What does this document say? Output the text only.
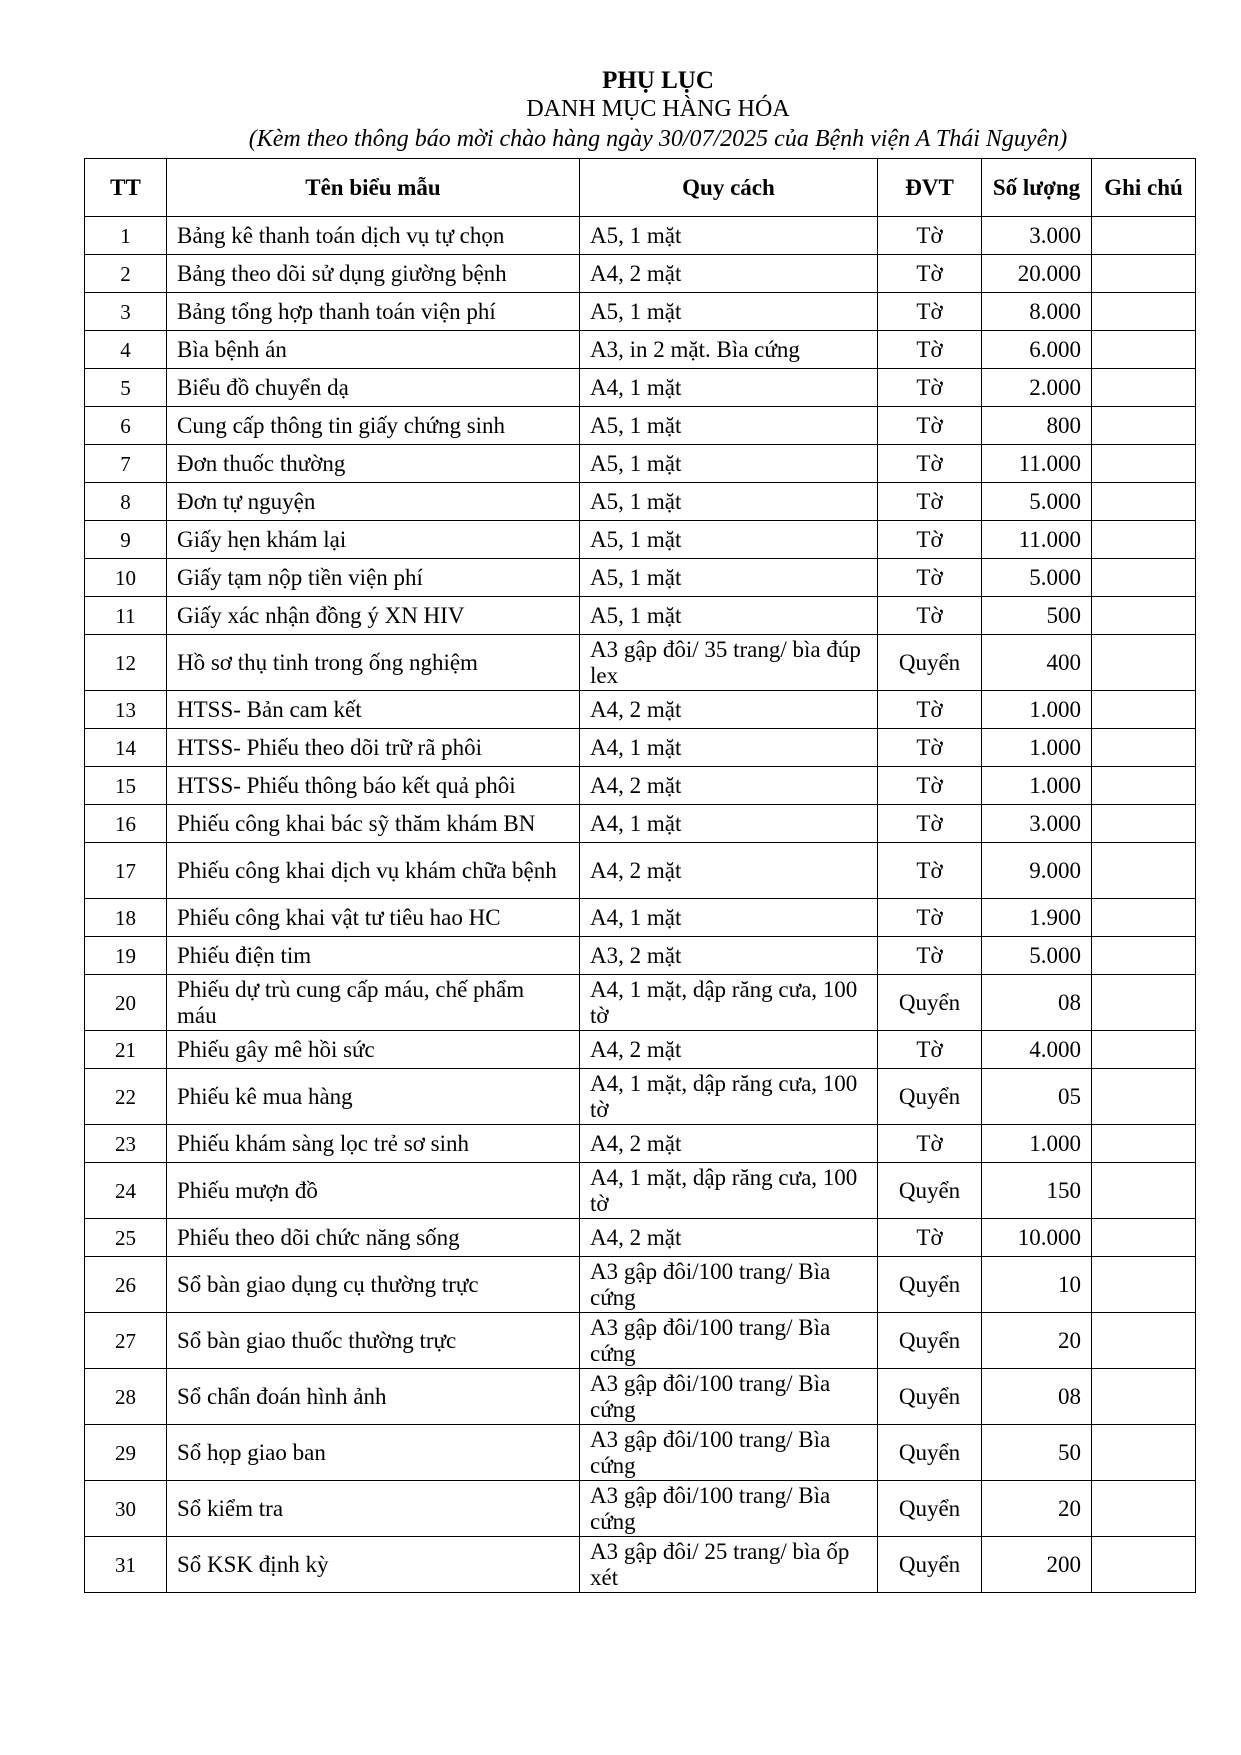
PHỤ LỤC
DANH MỤC HÀNG HÓA
(Kèm theo thông báo mời chào hàng ngày 30/07/2025 của Bệnh viện A Thái Nguyên)
TT	Tên biểu mẫu	Quy cách	ĐVT	Số lượng	Ghi chú
1	Bảng kê thanh toán dịch vụ tự chọn	A5, 1 mặt	Tờ	3.000	
2	Bảng theo dõi sử dụng giường bệnh	A4, 2 mặt	Tờ	20.000	
3	Bảng tổng hợp thanh toán viện phí	A5, 1 mặt	Tờ	8.000	
4	Bìa bệnh án	A3, in 2 mặt. Bìa cứng	Tờ	6.000	
5	Biểu đồ chuyển dạ	A4, 1 mặt	Tờ	2.000	
6	Cung cấp thông tin giấy chứng sinh	A5, 1 mặt	Tờ	800	
7	Đơn thuốc thường	A5, 1 mặt	Tờ	11.000	
8	Đơn tự nguyện	A5, 1 mặt	Tờ	5.000	
9	Giấy hẹn khám lại	A5, 1 mặt	Tờ	11.000	
10	Giấy tạm nộp tiền viện phí	A5, 1 mặt	Tờ	5.000	
11	Giấy xác nhận đồng ý XN HIV	A5, 1 mặt	Tờ	500	
12	Hồ sơ thụ tinh trong ống nghiệm	A3 gập đôi/ 35 trang/ bìa đúp lex	Quyển	400	
13	HTSS- Bản cam kết	A4, 2 mặt	Tờ	1.000	
14	HTSS- Phiếu theo dõi trữ rã phôi	A4, 1 mặt	Tờ	1.000	
15	HTSS- Phiếu thông báo kết quả phôi	A4, 2 mặt	Tờ	1.000	
16	Phiếu công khai bác sỹ thăm khám BN	A4, 1 mặt	Tờ	3.000	
17	Phiếu công khai dịch vụ khám chữa bệnh	A4, 2 mặt	Tờ	9.000	
18	Phiếu công khai vật tư tiêu hao HC	A4, 1 mặt	Tờ	1.900	
19	Phiếu điện tim	A3, 2 mặt	Tờ	5.000	
20	Phiếu dự trù cung cấp máu, chế phẩm máu	A4, 1 mặt, dập răng cưa, 100 tờ	Quyển	08	
21	Phiếu gây mê hồi sức	A4, 2 mặt	Tờ	4.000	
22	Phiếu kê mua hàng	A4, 1 mặt, dập răng cưa, 100 tờ	Quyển	05	
23	Phiếu khám sàng lọc trẻ sơ sinh	A4, 2 mặt	Tờ	1.000	
24	Phiếu mượn đồ	A4, 1 mặt, dập răng cưa, 100 tờ	Quyển	150	
25	Phiếu theo dõi chức năng sống	A4, 2 mặt	Tờ	10.000	
26	Sổ bàn giao dụng cụ thường trực	A3 gập đôi/100 trang/ Bìa cứng	Quyển	10	
27	Sổ bàn giao thuốc thường trực	A3 gập đôi/100 trang/ Bìa cứng	Quyển	20	
28	Sổ chẩn đoán hình ảnh	A3 gập đôi/100 trang/ Bìa cứng	Quyển	08	
29	Sổ họp giao ban	A3 gập đôi/100 trang/ Bìa cứng	Quyển	50	
30	Sổ kiểm tra	A3 gập đôi/100 trang/ Bìa cứng	Quyển	20	
31	Sổ KSK định kỳ	A3 gập đôi/ 25 trang/ bìa ốp xét	Quyển	200	
